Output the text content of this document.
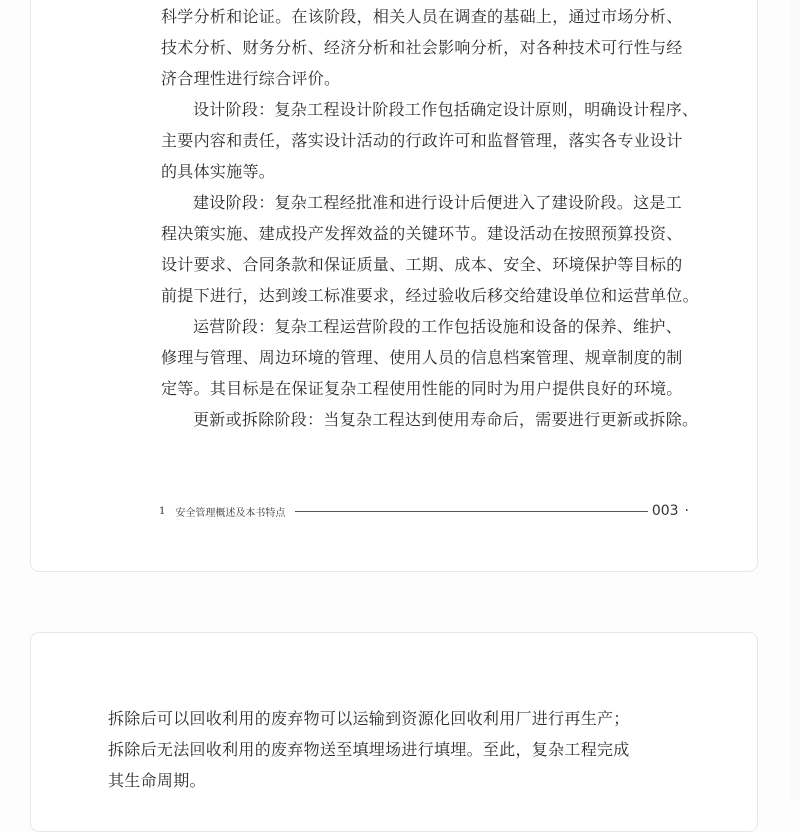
科学分析和论证。在该阶段，相关人员在调查的基础上，通过市场分析、
技术分析、财务分析、经济分析和社会影响分析，对各种技术可行性与经
济合理性进行综合评价。
设计阶段：复杂工程设计阶段工作包括确定设计原则，明确设计程序、
主要内容和责任，落实设计活动的行政许可和监督管理，落实各专业设计
的具体实施等。
建设阶段：复杂工程经批准和进行设计后便进入了建设阶段。这是工
程决策实施、建成投产发挥效益的关键环节。建设活动在按照预算投资、
设计要求、合同条款和保证质量、工期、成本、安全、环境保护等目标的
前提下进行，达到竣工标准要求，经过验收后移交给建设单位和运营单位。
运营阶段：复杂工程运营阶段的工作包括设施和设备的保养、维护、
修理与管理、周边环境的管理、使用人员的信息档案管理、规章制度的制
定等。其目标是在保证复杂工程使用性能的同时为用户提供良好的环境。
更新或拆除阶段：当复杂工程达到使用寿命后，需要进行更新或拆除。
1 安全管理概述及本书特点	003 ·
拆除后可以回收利用的废弃物可以运输到资源化回收利用厂进行再生产；
拆除后无法回收利用的废弃物送至填埋场进行填埋。至此，复杂工程完成
其生命周期。
